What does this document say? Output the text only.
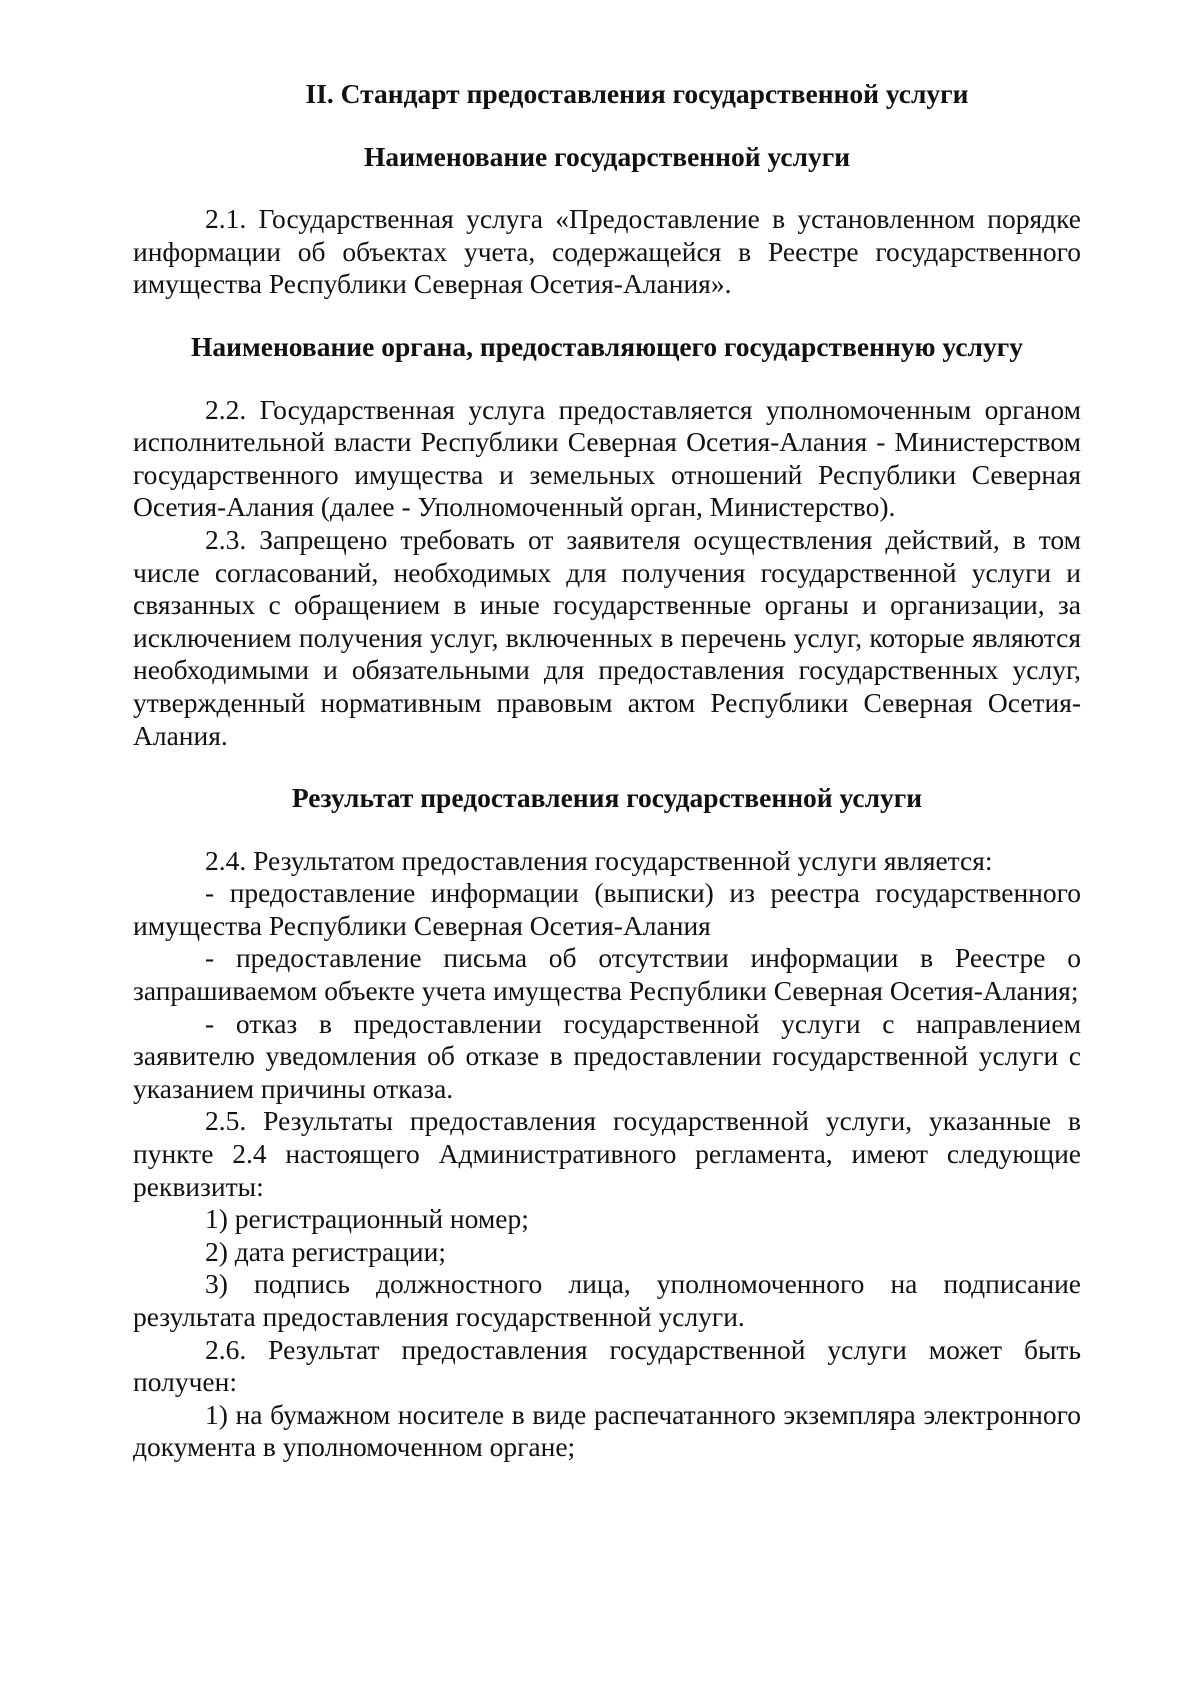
II. Стандарт предоставления государственной услуги
Наименование государственной услуги

2.1. Государственная услуга «Предоставление в установленном порядке информации об объектах учета, содержащейся в Реестре государственного имущества Республики Северная Осетия-Алания».

Наименование органа, предоставляющего государственную услугу

2.2. Государственная услуга предоставляется уполномоченным органом исполнительной власти Республики Северная Осетия-Алания - Министерством государственного имущества и земельных отношений Республики Северная Осетия-Алания (далее - Уполномоченный орган, Министерство).

2.3. Запрещено требовать от заявителя осуществления действий, в том числе согласований, необходимых для получения государственной услуги и связанных с обращением в иные государственные органы и организации, за исключением получения услуг, включенных в перечень услуг, которые являются необходимыми и обязательными для предоставления государственных услуг, утвержденный нормативным правовым актом Республики Северная Осетия-Алания.

Результат предоставления государственной услуги

2.4. Результатом предоставления государственной услуги является:

- предоставление информации (выписки) из реестра государственного имущества Республики Северная Осетия-Алания

- предоставление письма об отсутствии информации в Реестре о запрашиваемом объекте учета имущества Республики Северная Осетия-Алания;

- отказ в предоставлении государственной услуги с направлением заявителю уведомления об отказе в предоставлении государственной услуги с указанием причины отказа.

2.5. Результаты предоставления государственной услуги, указанные в пункте 2.4 настоящего Административного регламента, имеют следующие реквизиты:

1) регистрационный номер;

2) дата регистрации;

3) подпись должностного лица, уполномоченного на подписание результата предоставления государственной услуги.

2.6. Результат предоставления государственной услуги может быть получен:

1) на бумажном носителе в виде распечатанного экземпляра электронного документа в уполномоченном органе;
